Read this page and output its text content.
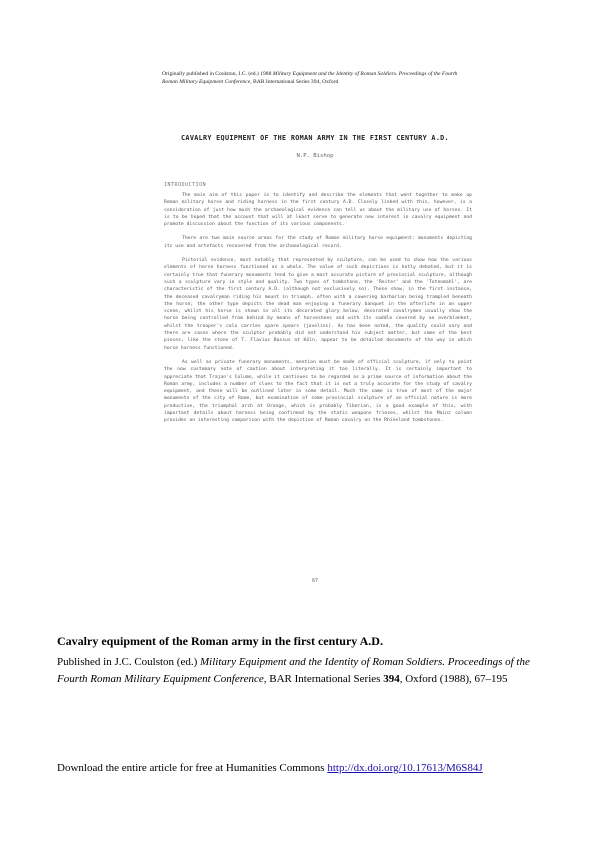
Originally published in Coulston, J.C. (ed.) 1988 Military Equipment and the Identity of Roman Soldiers. Proceedings of the Fourth Roman Military Equipment Conference, BAR International Series 394, Oxford
CAVALRY EQUIPMENT OF THE ROMAN ARMY IN THE FIRST CENTURY A.D.
N.P. Bishop
INTRODUCTION

The main aim of this paper is to identify and describe the elements that went together to make up Roman military horse and riding harness in the first century A.D. Closely linked with this, however, is a consideration of just how much the archaeological evidence can tell us about the military use of horses. It is to be hoped that the account that will at least serve to generate new interest in cavalry equipment and promote discussion about the function of its various components.

There are two main source areas for the study of Roman military horse equipment: monuments depicting its use and artefacts recovered from the archaeological record.

Pictorial evidence, most notably that represented by sculpture, can be used to show how the various elements of horse harness functioned as a whole. The value of such depictions is hotly debated, but it is certainly true that funerary monuments tend to give a most accurate picture of provincial sculpture, although such a sculpture vary in style and quality. Two types of tombstone, the 'Reiter' and the 'Totenmahl', are characteristic of the first century A.D. (although not exclusively so). These show, in the first instance, the deceased cavalryman riding his mount in triumph, often with a cowering barbarian being trampled beneath the horse; the other type depicts the dead man enjoying a funerary banquet in the afterlife in an upper scene, whilst his horse is shown in all its decorated glory below, decorated cavalrymen usually show the horse being controlled from behind by means of horseshoes and with its saddle covered by an overblanket, whilst the trooper's calo carries spare spears (javelins). As has been noted, the quality could vary and there are cases where the sculptor probably did not understand his subject matter, but some of the best pieces, like the stone of T. Flavius Bassus at Köln, appear to be detailed documents of the way in which horse harness functioned.

As well as private funerary monuments, mention must be made of official sculpture, if only to point the now customary note of caution about interpreting it too literally. It is certainly important to appreciate that Trajan's Column, while it continues to be regarded as a prime source of information about the Roman army, includes a number of clues to the fact that it is not a truly accurate for the study of cavalry equipment, and these will be outlined later in some detail. Much the same is true of most of the major monuments of the city of Rome, but examination of some provincial sculpture of an official nature is more productive, the triumphal arch at Orange, which is probably Tiberian, is a good example of this, with important details about harness being confirmed by the static weapons friezes, whilst the Mainz column provides an interesting comparison with the depiction of Roman cavalry on the Rhineland tombstones.

67
Cavalry equipment of the Roman army in the first century A.D.
Published in J.C. Coulston (ed.) Military Equipment and the Identity of Roman Soldiers. Proceedings of the Fourth Roman Military Equipment Conference, BAR International Series 394, Oxford (1988), 67–195
Download the entire article for free at Humanities Commons http://dx.doi.org/10.17613/M6S84J
